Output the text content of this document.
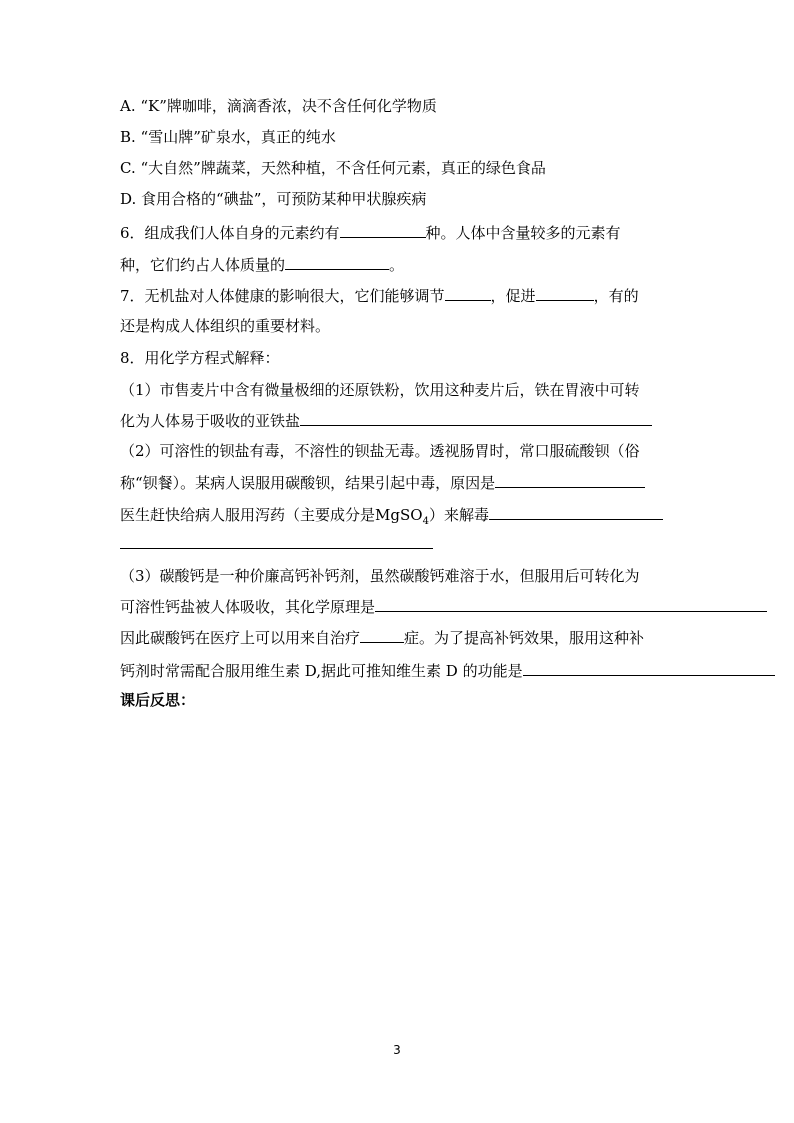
A. “K”牌咖啡，滴滴香浓，决不含任何化学物质
B. “雪山牌”矿泉水，真正的纯水
C. “大自然”牌蔬菜，天然种植，不含任何元素，真正的绿色食品
D. 食用合格的“碘盐”，可预防某种甲状腺疾病
6．组成我们人体自身的元素约有	种。人体中含量较多的元素有
种，它们约占人体质量的	。
7．无机盐对人体健康的影响很大，它们能够调节	，促进	，有的
还是构成人体组织的重要材料。
8．用化学方程式解释：
（1）市售麦片中含有微量极细的还原铁粉，饮用这种麦片后，铁在胃液中可转
化为人体易于吸收的亚铁盐
（2）可溶性的钡盐有毒，不溶性的钡盐无毒。透视肠胃时，常口服硫酸钡（俗
称“钡餐）。某病人误服用碳酸钡，结果引起中毒，原因是
医生赶快给病人服用泻药（主要成分是MgSO$_4$）来解毒
（3）碳酸钙是一种价廉高钙补钙剂，虽然碳酸钙难溶于水，但服用后可转化为
可溶性钙盐被人体吸收，其化学原理是
因此碳酸钙在医疗上可以用来自治疗	症。为了提高补钙效果，服用这种补
钙剂时常需配合服用维生素 D,据此可推知维生素 D 的功能是
课后反思：
3
